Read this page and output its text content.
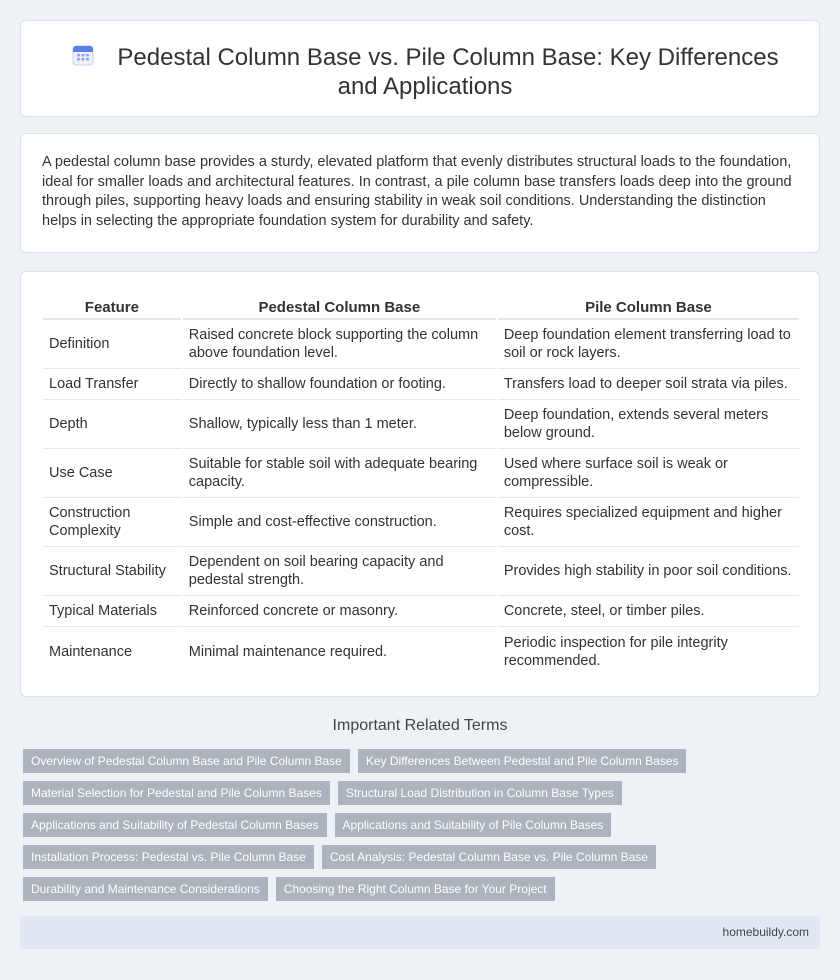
Pedestal Column Base vs. Pile Column Base: Key Differences and Applications

A pedestal column base provides a sturdy, elevated platform that evenly distributes structural loads to the foundation, ideal for smaller loads and architectural features. In contrast, a pile column base transfers loads deep into the ground through piles, supporting heavy loads and ensuring stability in weak soil conditions. Understanding the distinction helps in selecting the appropriate foundation system for durability and safety.

Feature	Pedestal Column Base	Pile Column Base
Definition	Raised concrete block supporting the column above foundation level.	Deep foundation element transferring load to soil or rock layers.
Load Transfer	Directly to shallow foundation or footing.	Transfers load to deeper soil strata via piles.
Depth	Shallow, typically less than 1 meter.	Deep foundation, extends several meters below ground.
Use Case	Suitable for stable soil with adequate bearing capacity.	Used where surface soil is weak or compressible.
Construction Complexity	Simple and cost-effective construction.	Requires specialized equipment and higher cost.
Structural Stability	Dependent on soil bearing capacity and pedestal strength.	Provides high stability in poor soil conditions.
Typical Materials	Reinforced concrete or masonry.	Concrete, steel, or timber piles.
Maintenance	Minimal maintenance required.	Periodic inspection for pile integrity recommended.
Important Related Terms
Overview of Pedestal Column Base and Pile Column Base	Key Differences Between Pedestal and Pile Column Bases
Material Selection for Pedestal and Pile Column Bases	Structural Load Distribution in Column Base Types
Applications and Suitability of Pedestal Column Bases	Applications and Suitability of Pile Column Bases
Installation Process: Pedestal vs. Pile Column Base	Cost Analysis: Pedestal Column Base vs. Pile Column Base
Durability and Maintenance Considerations	Choosing the Right Column Base for Your Project
homebuildy.com
